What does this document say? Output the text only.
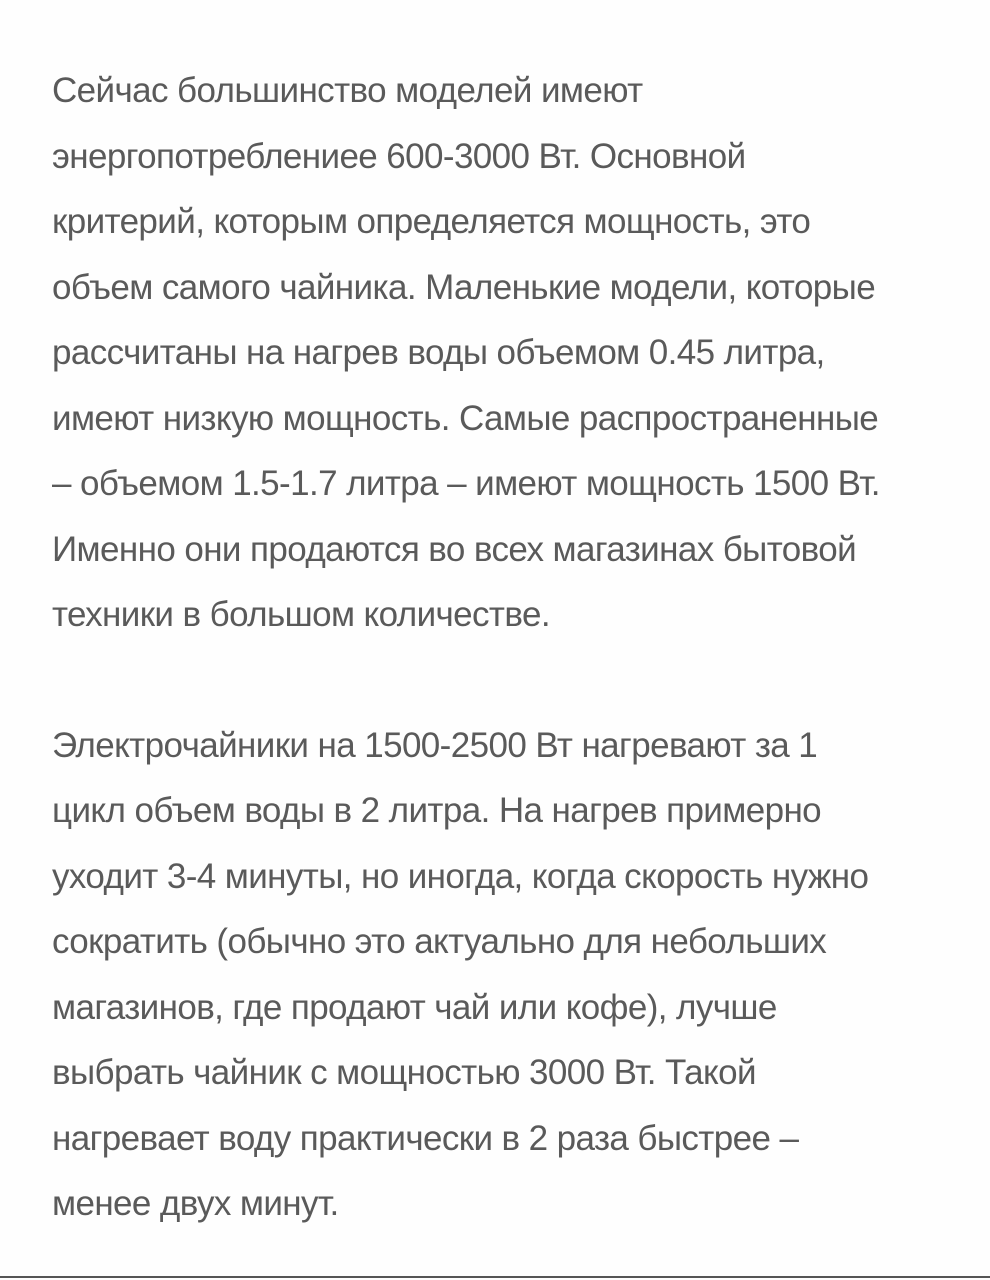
Сейчас большинство моделей имеют
энергопотреблениее 600-3000 Вт. Основной
критерий, которым определяется мощность, это
объем самого чайника. Маленькие модели, которые
рассчитаны на нагрев воды объемом 0.45 литра,
имеют низкую мощность. Самые распространенные
– объемом 1.5-1.7 литра – имеют мощность 1500 Вт.
Именно они продаются во всех магазинах бытовой
техники в большом количестве.

Электрочайники на 1500-2500 Вт нагревают за 1
цикл объем воды в 2 литра. На нагрев примерно
уходит 3-4 минуты, но иногда, когда скорость нужно
сократить (обычно это актуально для небольших
магазинов, где продают чай или кофе), лучше
выбрать чайник с мощностью 3000 Вт. Такой
нагревает воду практически в 2 раза быстрее –
менее двух минут.
